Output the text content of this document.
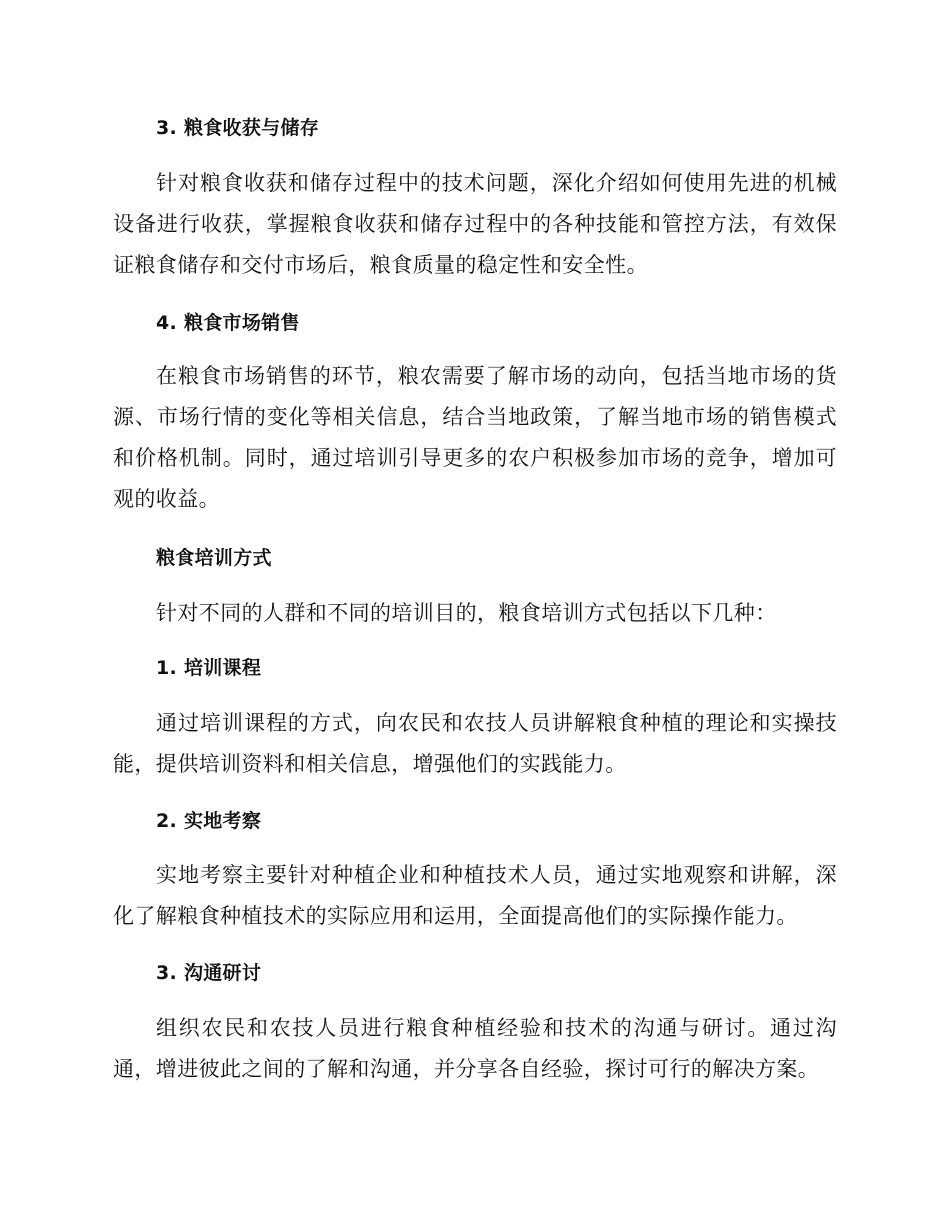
3. 粮食收获与储存

针对粮食收获和储存过程中的技术问题，深化介绍如何使用先进的机械设备进行收获，掌握粮食收获和储存过程中的各种技能和管控方法，有效保证粮食储存和交付市场后，粮食质量的稳定性和安全性。

4. 粮食市场销售

在粮食市场销售的环节，粮农需要了解市场的动向，包括当地市场的货源、市场行情的变化等相关信息，结合当地政策，了解当地市场的销售模式和价格机制。同时，通过培训引导更多的农户积极参加市场的竞争，增加可观的收益。

粮食培训方式

针对不同的人群和不同的培训目的，粮食培训方式包括以下几种：

1. 培训课程

通过培训课程的方式，向农民和农技人员讲解粮食种植的理论和实操技能，提供培训资料和相关信息，增强他们的实践能力。

2. 实地考察

实地考察主要针对种植企业和种植技术人员，通过实地观察和讲解，深化了解粮食种植技术的实际应用和运用，全面提高他们的实际操作能力。

3. 沟通研讨

组织农民和农技人员进行粮食种植经验和技术的沟通与研讨。通过沟通，增进彼此之间的了解和沟通，并分享各自经验，探讨可行的解决方案。
